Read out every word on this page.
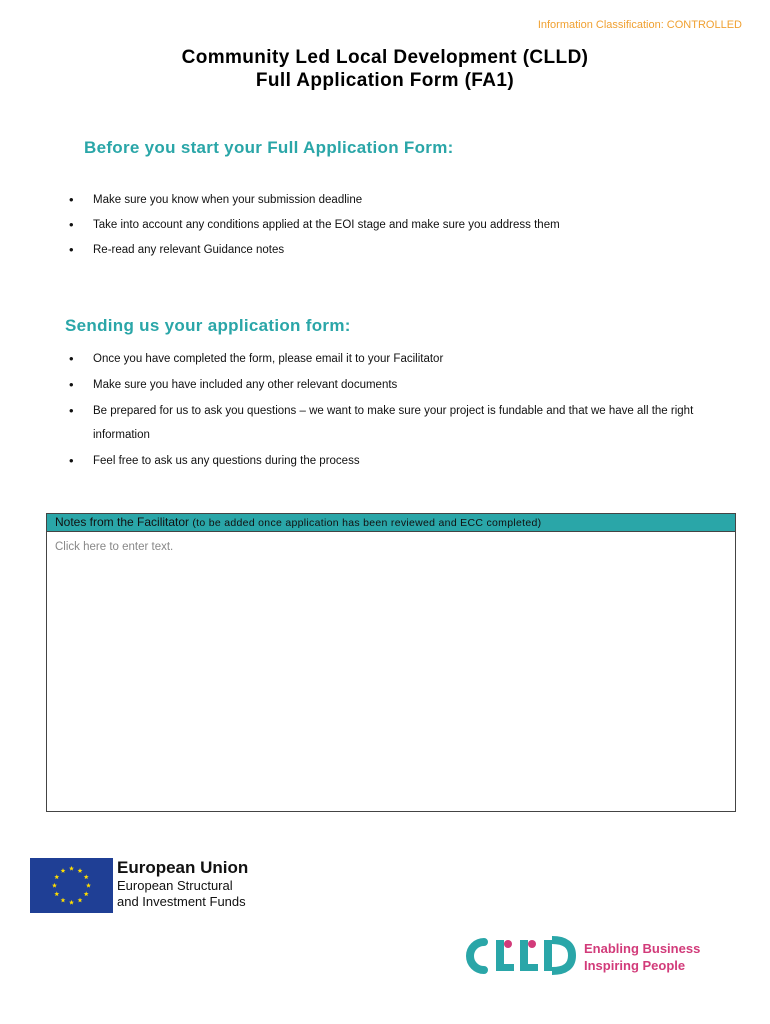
Information Classification: CONTROLLED
Community Led Local Development (CLLD)
Full Application Form (FA1)
Before you start your Full Application Form:
• Make sure you know when your submission deadline
• Take into account any conditions applied at the EOI stage and make sure you address them
• Re-read any relevant Guidance notes
Sending us your application form:
• Once you have completed the form, please email it to your Facilitator
• Make sure you have included any other relevant documents
• Be prepared for us to ask you questions – we want to make sure your project is fundable and that we have all the right information
• Feel free to ask us any questions during the process
Notes from the Facilitator (to be added once application has been reviewed and ECC completed)
Click here to enter text.
European Union
European Structural
and Investment Funds
Enabling Business
Inspiring People
